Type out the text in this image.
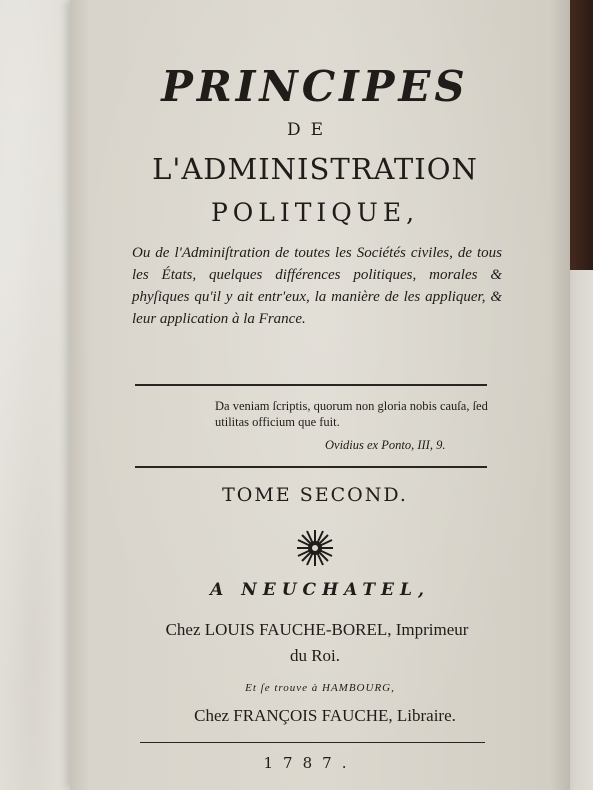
PRINCIPES
DE
L'ADMINISTRATION
POLITIQUE,
Ou de l'Adminiſtration de toutes les Sociétés civiles, de tous les États, quelques différences politiques, morales & phyſiques qu'il y ait entr'eux, la manière de les appliquer, & leur application à la France.
Da veniam ſcriptis, quorum non gloria nobis cauſa, ſed utilitas officium que fuit.
Ovidius ex Ponto, III, 9.
TOME SECOND.
A NEUCHATEL,
Chez LOUIS FAUCHE-BOREL, Imprimeur
du Roi.
Et ſe trouve à HAMBOURG,
Chez FRANÇOIS FAUCHE, Libraire.
1787.
